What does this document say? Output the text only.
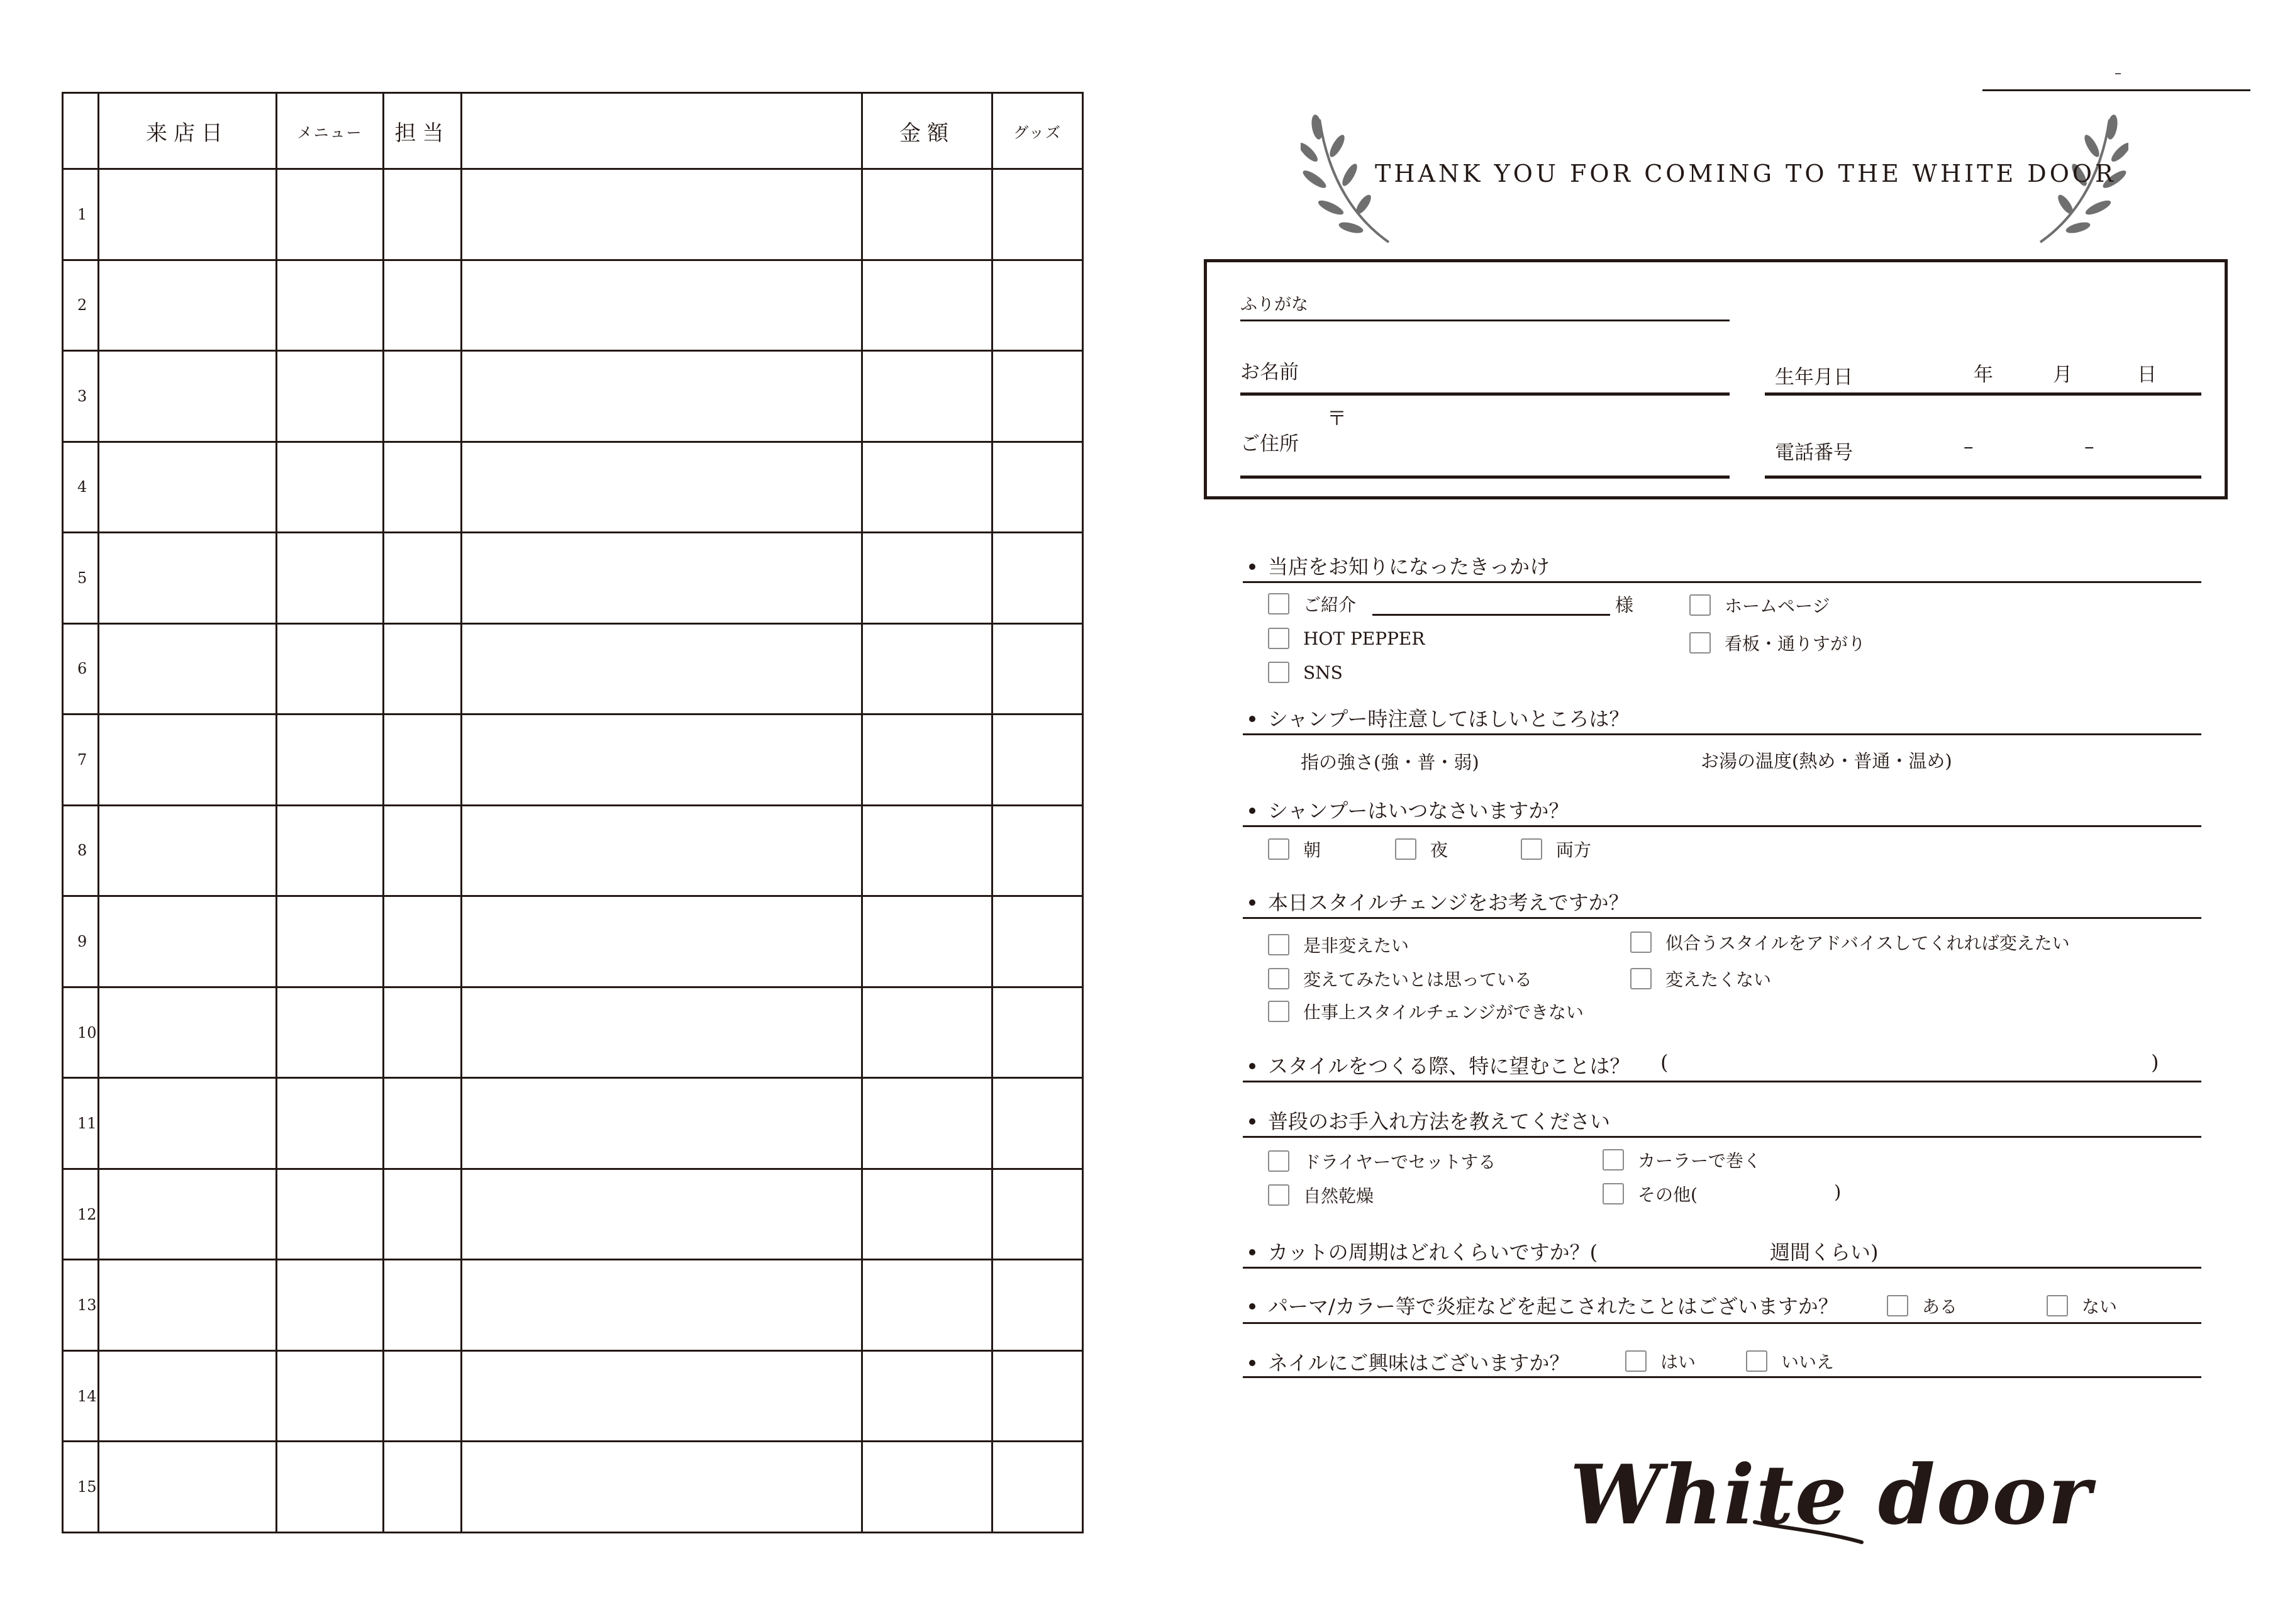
	来店日	メニュー	担当		金額	グッズ
1						
2						
3						
4						
5						
6						
7						
8						
9						
10						
11						
12						
13						
14						
15						
–
THANK YOU FOR COMING TO THE WHITE DOOR
ふりがな
お名前
〒
ご住所
生年月日	年	月	日
電話番号	–	–
当店をお知りになったきっかけ
ご紹介	様	ホームページ
HOT PEPPER	看板・通りすがり
SNS
シャンプー時注意してほしいところは？
指の強さ(強・普・弱)	お湯の温度(熱め・普通・温め)
シャンプーはいつなさいますか？
朝	夜	両方
本日スタイルチェンジをお考えですか？
是非変えたい	似合うスタイルをアドバイスしてくれれば変えたい
変えてみたいとは思っている	変えたくない
仕事上スタイルチェンジができない
スタイルをつくる際、特に望むことは？ (	)
普段のお手入れ方法を教えてください
ドライヤーでセットする	カーラーで巻く
自然乾燥	その他(	)
カットの周期はどれくらいですか？(	週間くらい)
パーマ/カラー等で炎症などを起こされたことはございますか？	ある	ない
ネイルにご興味はございますか？	はい	いいえ
White door
